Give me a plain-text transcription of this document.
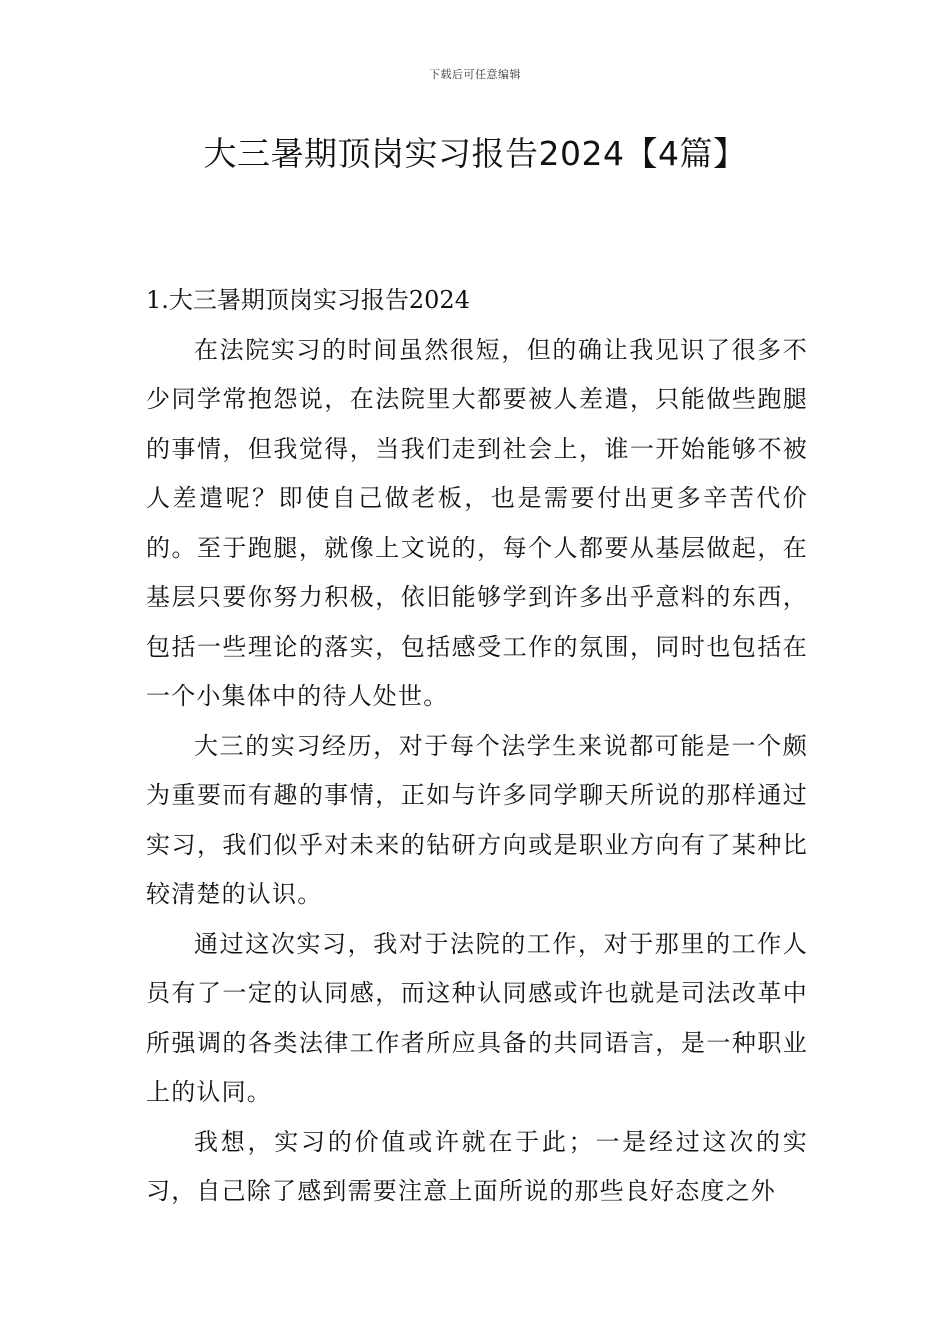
下载后可任意编辑
大三暑期顶岗实习报告2024【4篇】
1.大三暑期顶岗实习报告2024

在法院实习的时间虽然很短，但的确让我见识了很多不少同学常抱怨说，在法院里大都要被人差遣，只能做些跑腿的事情，但我觉得，当我们走到社会上，谁一开始能够不被人差遣呢？即使自己做老板，也是需要付出更多辛苦代价的。至于跑腿，就像上文说的，每个人都要从基层做起，在基层只要你努力积极，依旧能够学到许多出乎意料的东西，包括一些理论的落实，包括感受工作的氛围，同时也包括在一个小集体中的待人处世。

大三的实习经历，对于每个法学生来说都可能是一个颇为重要而有趣的事情，正如与许多同学聊天所说的那样通过实习，我们似乎对未来的钻研方向或是职业方向有了某种比较清楚的认识。

通过这次实习，我对于法院的工作，对于那里的工作人员有了一定的认同感，而这种认同感或许也就是司法改革中所强调的各类法律工作者所应具备的共同语言，是一种职业上的认同。

我想，实习的价值或许就在于此；一是经过这次的实习，自己除了感到需要注意上面所说的那些良好态度之外
